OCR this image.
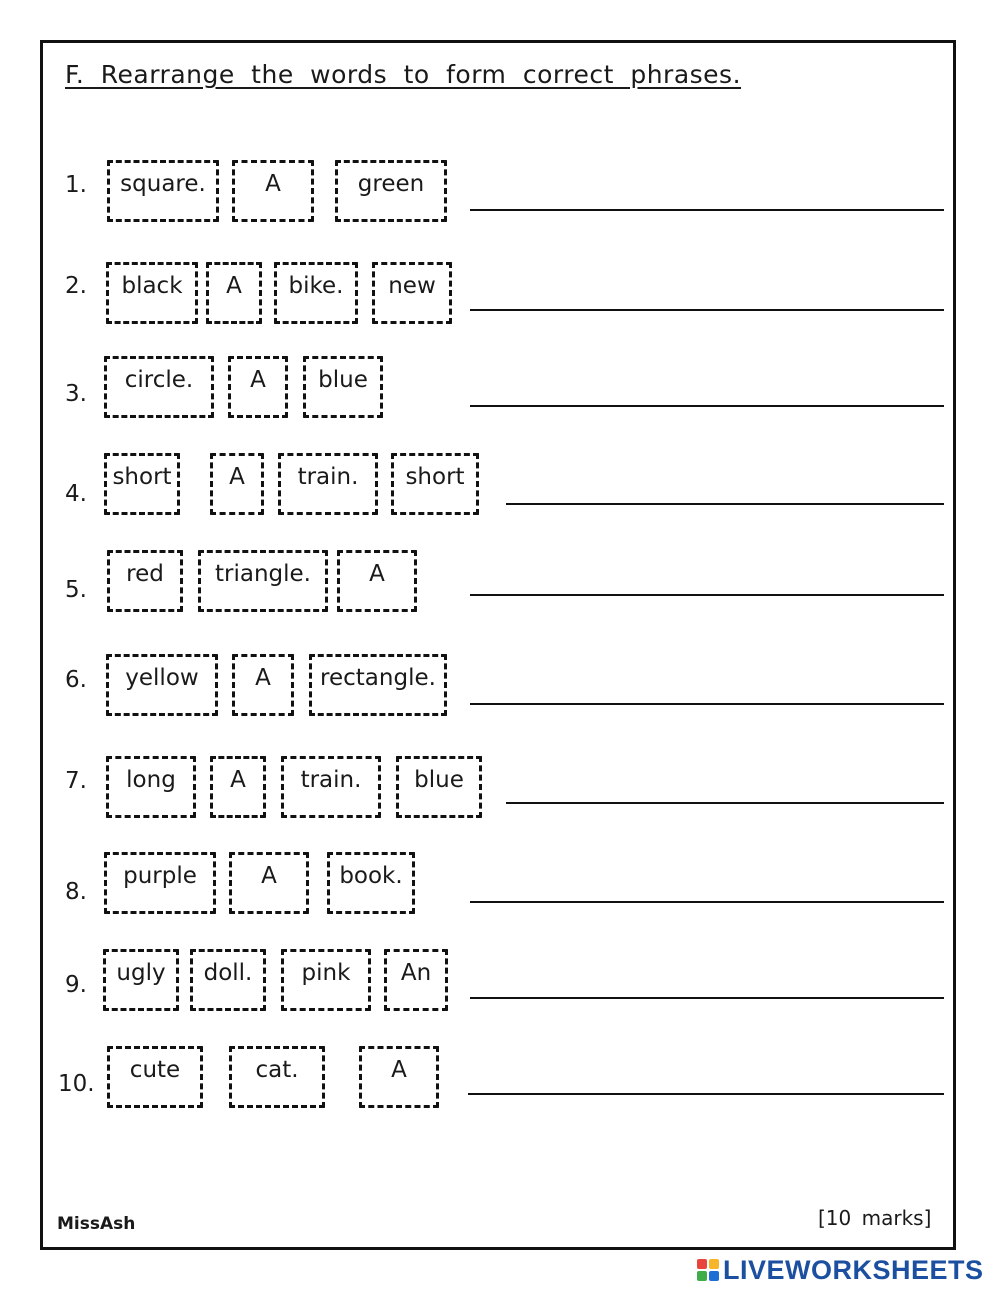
F. Rearrange the words to form correct phrases.
1.	square.	A	green
2.	black	A	bike.	new
3.
circle.	A	blue
4.
short	A	train.	short
5.
red	triangle.	A
6.	yellow	A	rectangle.
7.	long	A	train.	blue
8.
purple	A	book.
9.	ugly	doll.	pink	An
10.
cute	cat.	A
MissAsh	[10 marks]
LIVEWORKSHEETS
